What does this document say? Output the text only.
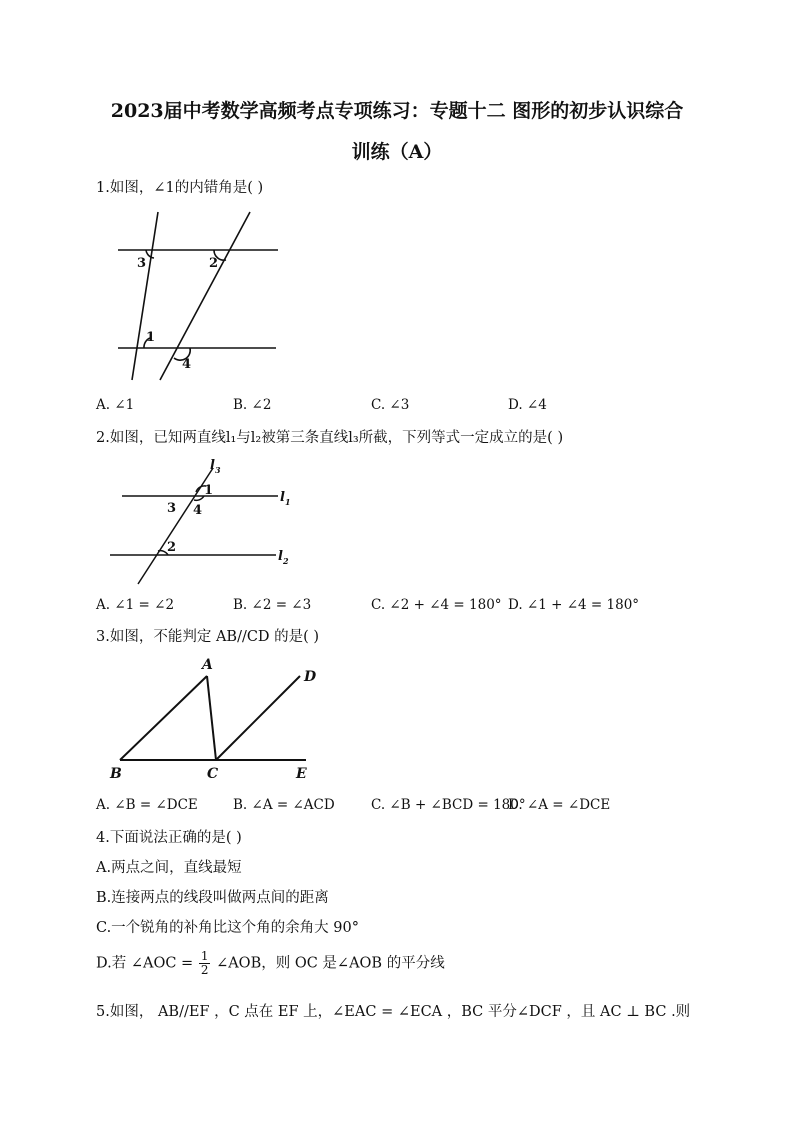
2023届中考数学高频考点专项练习：专题十二 图形的初步认识综合
训练（A）
1.如图，∠1的内错角是( )
3	2
1
4
A. ∠1	B. ∠2	C. ∠3	D. ∠4
2.如图，已知两直线l₁与l₂被第三条直线l₃所截，下列等式一定成立的是( )
$l_3$
1	$l_1$
3 4
2
$l_2$
A. ∠1 = ∠2	B. ∠2 = ∠3	C. ∠2 + ∠4 = 180° D. ∠1 + ∠4 = 180°
3.如图，不能判定 AB//CD 的是( )
A
D
B	C	E
A. ∠B = ∠DCE	B. ∠A = ∠ACD	C. ∠B + ∠BCD = 180°
D. ∠A = ∠DCE
4.下面说法正确的是( )
A.两点之间，直线最短
B.连接两点的线段叫做两点间的距离
C.一个锐角的补角比这个角的余角大 90°
D.若 ∠AOC = $\frac{1}{2}$ ∠AOB，则 OC 是∠AOB 的平分线
5.如图， AB//EF ，C 点在 EF 上，∠EAC = ∠ECA ，BC 平分∠DCF ，且 AC ⊥ BC .则
